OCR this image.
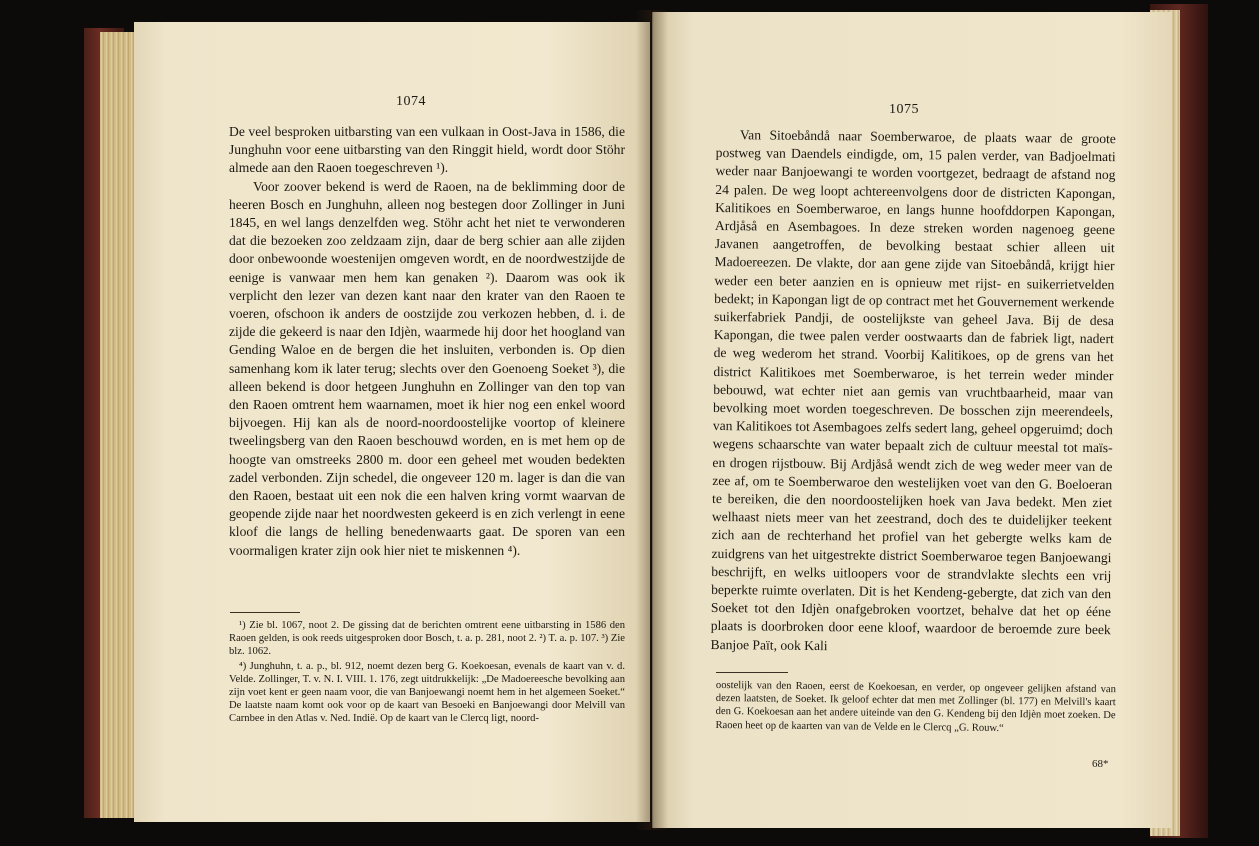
1074

De veel besproken uitbarsting van een vulkaan in Oost-Java in 1586, die Junghuhn voor eene uitbarsting van den Ringgit hield, wordt door Stöhr almede aan den Raoen toegeschreven ¹).

Voor zoover bekend is werd de Raoen, na de beklimming door de heeren Bosch en Junghuhn, alleen nog bestegen door Zollinger in Juni 1845, en wel langs denzelfden weg. Stöhr acht het niet te verwonderen dat die bezoeken zoo zeldzaam zijn, daar de berg schier aan alle zijden door onbewoonde woestenijen omgeven wordt, en de noordwestzijde de eenige is vanwaar men hem kan genaken ²). Daarom was ook ik verplicht den lezer van dezen kant naar den krater van den Raoen te voeren, ofschoon ik anders de oostzijde zou verkozen hebben, d. i. de zijde die gekeerd is naar den Idjèn, waarmede hij door het hoogland van Gending Waloe en de bergen die het insluiten, verbonden is. Op dien samenhang kom ik later terug; slechts over den Goenoeng Soeket ³), die alleen bekend is door hetgeen Junghuhn en Zollinger van den top van den Raoen omtrent hem waarnamen, moet ik hier nog een enkel woord bijvoegen. Hij kan als de noord-noordoostelijke voortop of kleinere tweelingsberg van den Raoen beschouwd worden, en is met hem op de hoogte van omstreeks 2800 m. door een geheel met wouden bedekten zadel verbonden. Zijn schedel, die ongeveer 120 m. lager is dan die van den Raoen, bestaat uit een nok die een halven kring vormt waarvan de geopende zijde naar het noordwesten gekeerd is en zich verlengt in eene kloof die langs de helling benedenwaarts gaat. De sporen van een voormaligen krater zijn ook hier niet te miskennen ⁴).

¹) Zie bl. 1067, noot 2. De gissing dat de berichten omtrent eene uitbarsting in 1586 den Raoen gelden, is ook reeds uitgesproken door Bosch, t. a. p. 281, noot 2. ²) T. a. p. 107. ³) Zie blz. 1062.

⁴) Junghuhn, t. a. p., bl. 912, noemt dezen berg G. Koekoesan, evenals de kaart van v. d. Velde. Zollinger, T. v. N. I. VIII. 1. 176, zegt uitdrukkelijk: „De Madoereesche bevolking aan zijn voet kent er geen naam voor, die van Banjoewangi noemt hem in het algemeen Soeket.“ De laatste naam komt ook voor op de kaart van Besoeki en Banjoewangi door Melvill van Carnbee in den Atlas v. Ned. Indië. Op de kaart van le Clercq ligt, noord-

1075

Van Sitoebåndå naar Soemberwaroe, de plaats waar de groote postweg van Daendels eindigde, om, 15 palen verder, van Badjoelmati weder naar Banjoewangi te worden voortgezet, bedraagt de afstand nog 24 palen. De weg loopt achtereenvolgens door de districten Kapongan, Kalitikoes en Soemberwaroe, en langs hunne hoofddorpen Kapongan, Ardjåså en Asembagoes. In deze streken worden nagenoeg geene Javanen aangetroffen, de bevolking bestaat schier alleen uit Madoereezen. De vlakte, dor aan gene zijde van Sitoebåndå, krijgt hier weder een beter aanzien en is opnieuw met rijst- en suikerrietvelden bedekt; in Kapongan ligt de op contract met het Gouvernement werkende suikerfabriek Pandji, de oostelijkste van geheel Java. Bij de desa Kapongan, die twee palen verder oostwaarts dan de fabriek ligt, nadert de weg wederom het strand. Voorbij Kalitikoes, op de grens van het district Kalitikoes met Soemberwaroe, is het terrein weder minder bebouwd, wat echter niet aan gemis van vruchtbaarheid, maar van bevolking moet worden toegeschreven. De bosschen zijn meerendeels, van Kalitikoes tot Asembagoes zelfs sedert lang, geheel opgeruimd; doch wegens schaarschte van water bepaalt zich de cultuur meestal tot maïs- en drogen rijstbouw. Bij Ardjåså wendt zich de weg weder meer van de zee af, om te Soemberwaroe den westelijken voet van den G. Boeloeran te bereiken, die den noordoostelijken hoek van Java bedekt. Men ziet welhaast niets meer van het zeestrand, doch des te duidelijker teekent zich aan de rechterhand het profiel van het gebergte welks kam de zuidgrens van het uitgestrekte district Soemberwaroe tegen Banjoewangi beschrijft, en welks uitloopers voor de strandvlakte slechts een vrij beperkte ruimte overlaten. Dit is het Kendeng-gebergte, dat zich van den Soeket tot den Idjèn onafgebroken voortzet, behalve dat het op ééne plaats is doorbroken door eene kloof, waardoor de beroemde zure beek Banjoe Paït, ook Kali

oostelijk van den Raoen, eerst de Koekoesan, en verder, op ongeveer gelijken afstand van dezen laatsten, de Soeket. Ik geloof echter dat men met Zollinger (bl. 177) en Melvill's kaart den G. Koekoesan aan het andere uiteinde van den G. Kendeng bij den Idjèn moet zoeken. De Raoen heet op de kaarten van van de Velde en le Clercq „G. Rouw.“

68*
